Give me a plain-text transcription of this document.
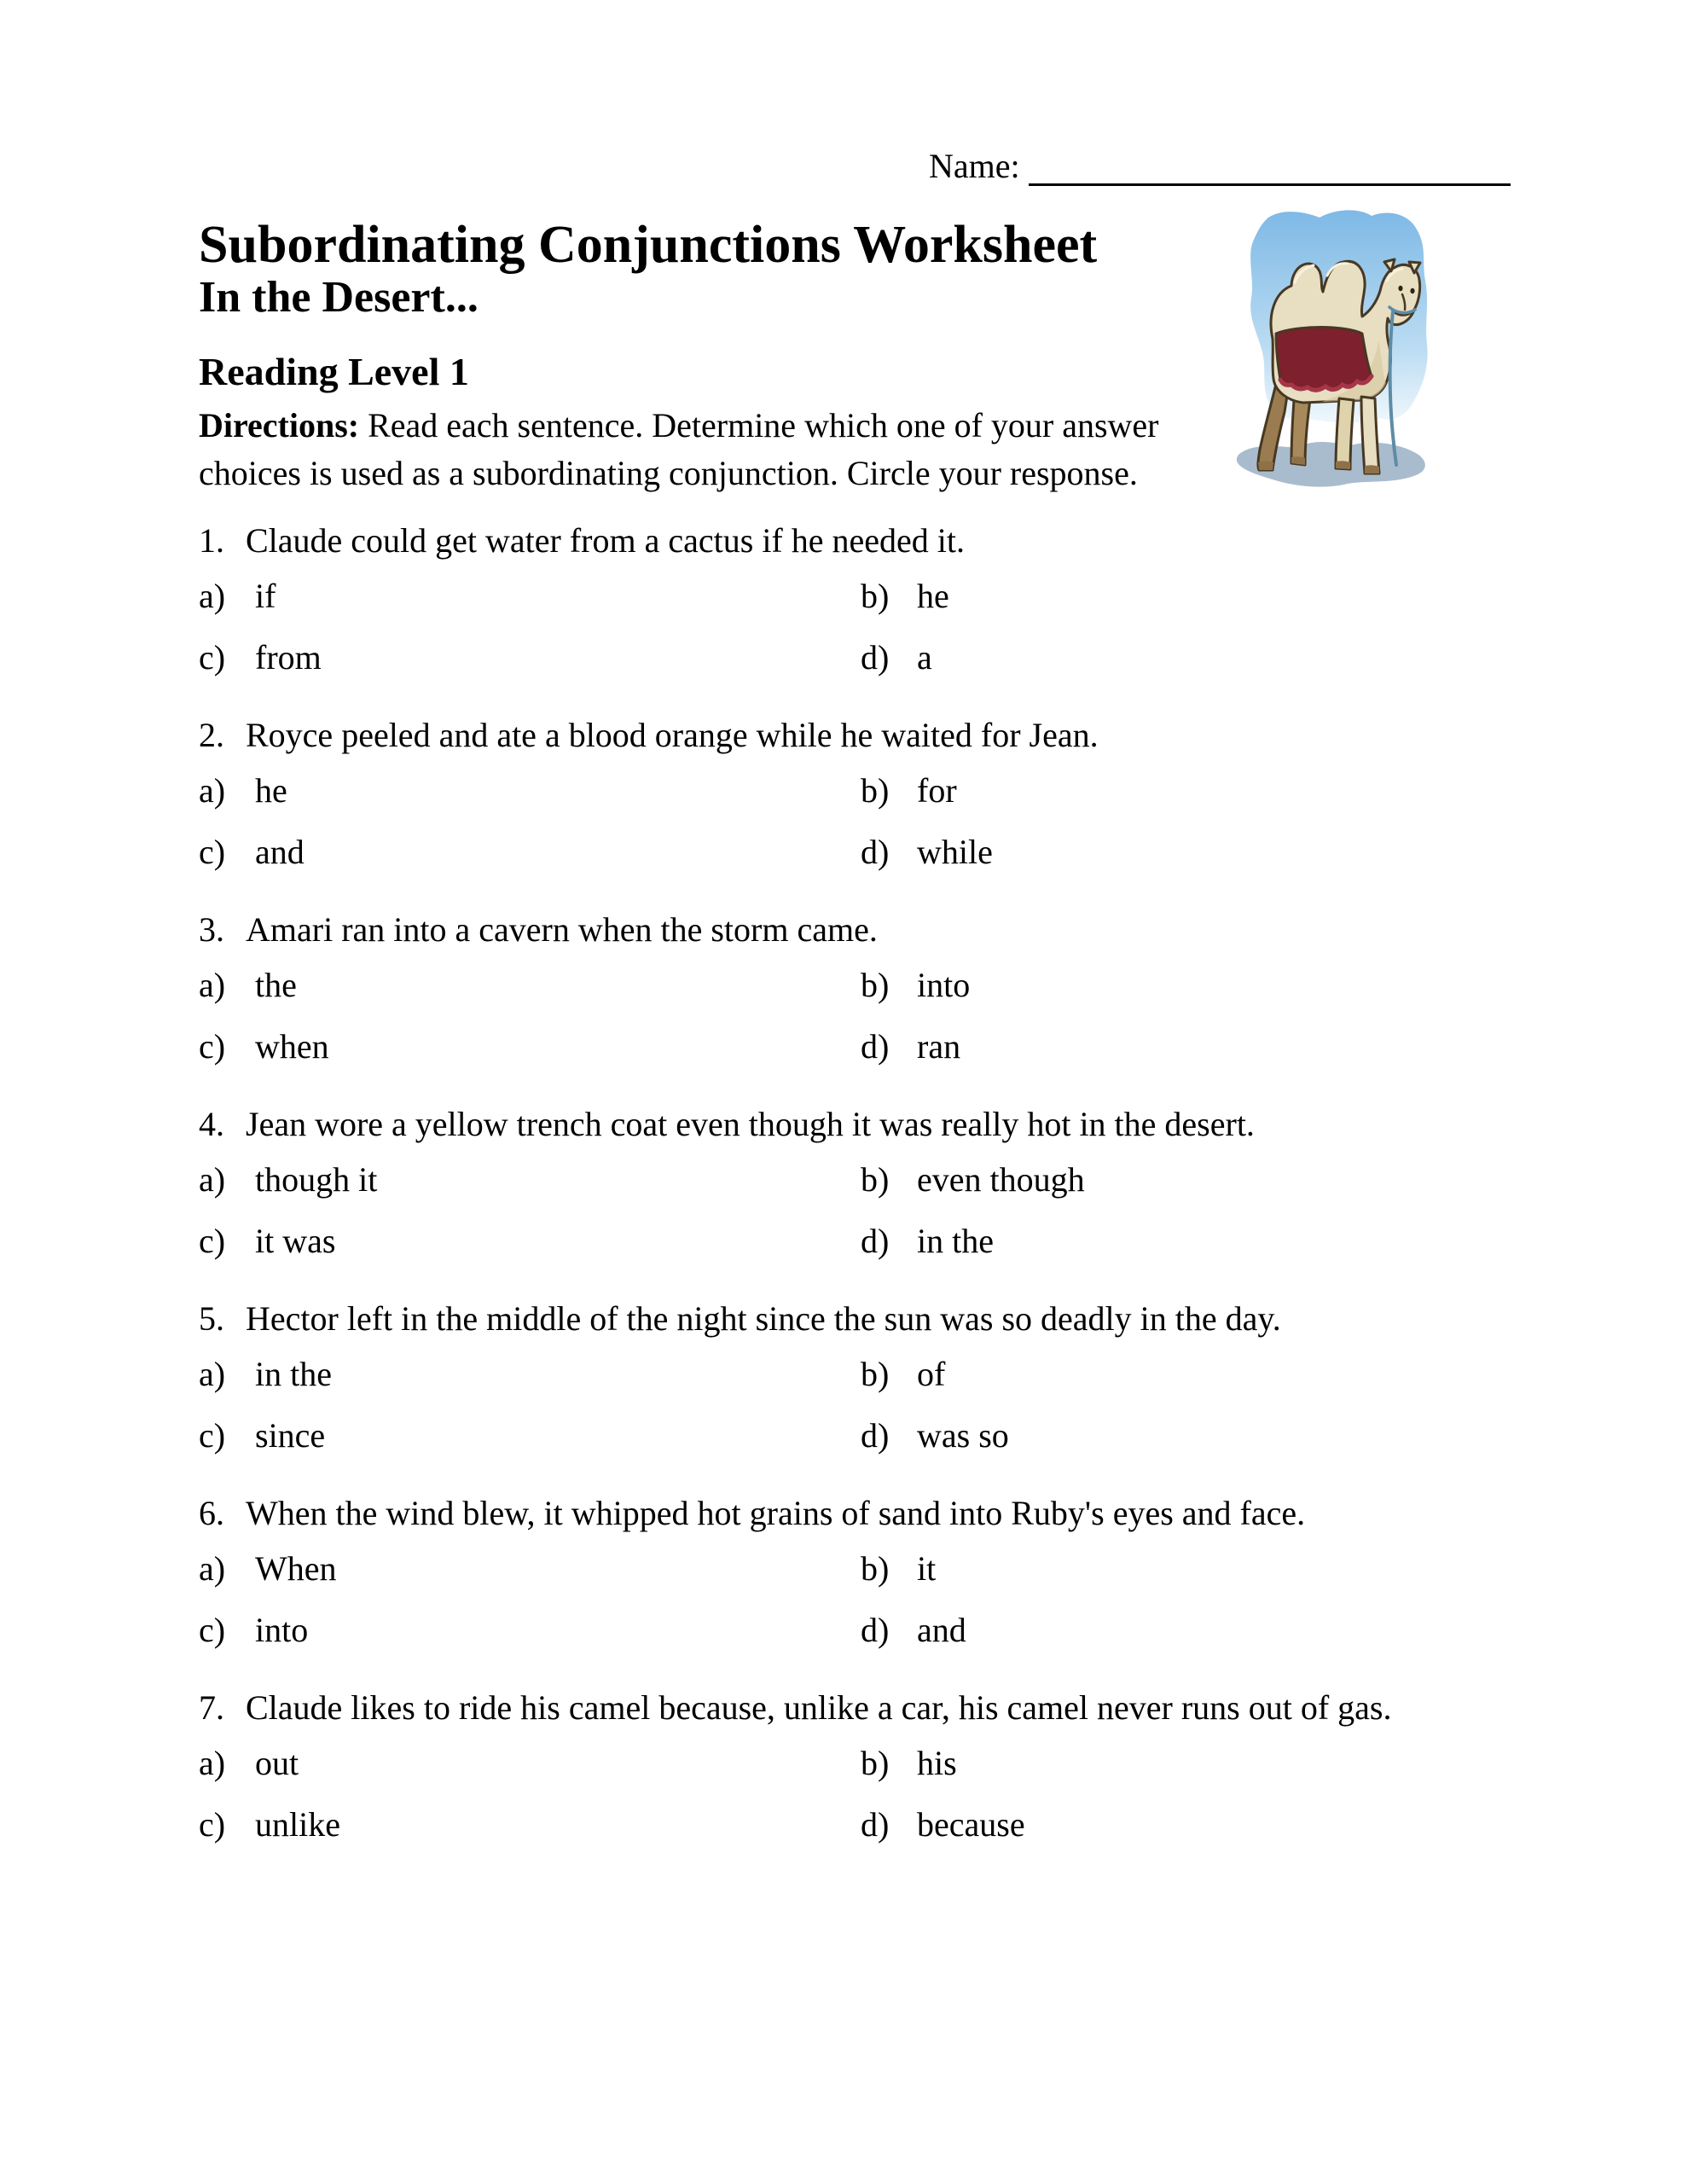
Name:
Subordinating Conjunctions Worksheet
In the Desert...
Reading Level 1
Directions: Read each sentence. Determine which one of your answer
choices is used as a subordinating conjunction. Circle your response.
1. Claude could get water from a cactus if he needed it.
a) if	b) he
c) from	d) a
2. Royce peeled and ate a blood orange while he waited for Jean.
a) he	b) for
c) and	d) while
3. Amari ran into a cavern when the storm came.
a) the	b) into
c) when	d) ran
4. Jean wore a yellow trench coat even though it was really hot in the desert.
a) though it	b) even though
c) it was	d) in the
5. Hector left in the middle of the night since the sun was so deadly in the day.
a) in the	b) of
c) since	d) was so
6. When the wind blew, it whipped hot grains of sand into Ruby's eyes and face.
a) When	b) it
c) into	d) and
7. Claude likes to ride his camel because, unlike a car, his camel never runs out of gas.
a) out	b) his
c) unlike	d) because
